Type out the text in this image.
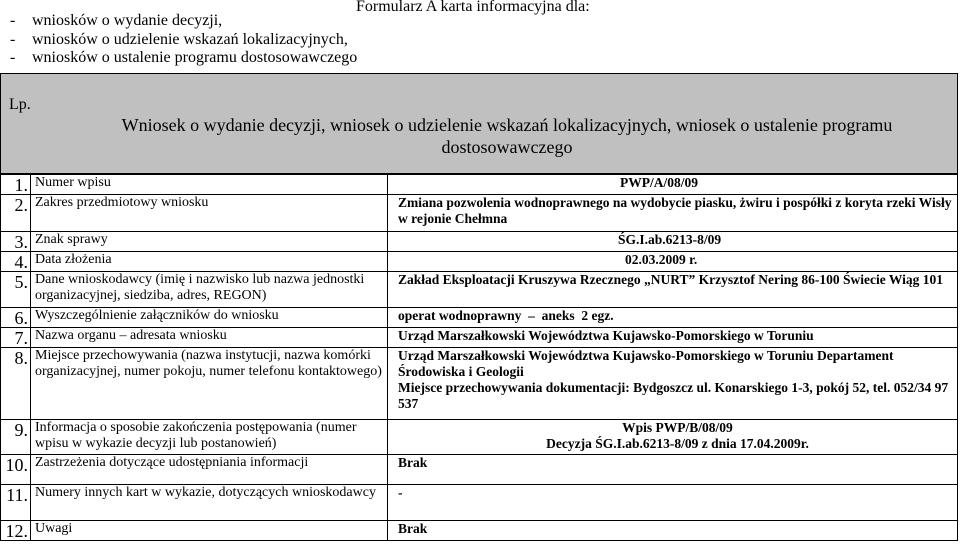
- wniosków o wydanie decyzji,
- wniosków o udzielenie wskazań lokalizacyjnych,
- wniosków o ustalenie programu dostosowawczego
Formularz A karta informacyjna dla:
Lp.
Wniosek o wydanie decyzji, wniosek o udzielenie wskazań lokalizacyjnych, wniosek o ustalenie programu dostosowawczego
1.	Numer wpisu	PWP/A/08/09

2.	Zakres przedmiotowy wniosku	Zmiana pozwolenia wodnoprawnego na wydobycie piasku, żwiru i pospółki z koryta rzeki Wisły w rejonie Chełmna
3.	Znak sprawy	ŚG.I.ab.6213-8/09

4.	Data złożenia	02.03.2009 r.

5.	Dane wnioskodawcy (imię i nazwisko lub nazwa jednostki organizacyjnej, siedziba, adres, REGON)	Zakład Eksploatacji Kruszywa Rzecznego „NURT” Krzysztof Nering 86-100 Świecie Wiąg 101
6.	Wyszczególnienie załączników do wniosku	operat wodnoprawny  –  aneks  2 egz.
7.	Nazwa organu – adresata wniosku	Urząd Marszałkowski Województwa Kujawsko-Pomorskiego w Toruniu
8.	Miejsce przechowywania (nazwa instytucji, nazwa komórki organizacyjnej, numer pokoju, numer telefonu kontaktowego)	Urząd Marszałkowski Województwa Kujawsko-Pomorskiego w Toruniu Departament Środowiska i Geologii
Miejsce przechowywania dokumentacji: Bydgoszcz ul. Konarskiego 1-3, pokój 52, tel. 052/34 97 537

9.	Informacja o sposobie zakończenia postępowania (numer wpisu w wykazie decyzji lub postanowień)	Wpis PWP/B/08/09
Decyzja ŚG.I.ab.6213-8/09 z dnia 17.04.2009r.

10.	Zastrzeżenia dotyczące udostępniania informacji	Brak
11.	Numery innych kart w wykazie, dotyczących wnioskodawcy	-
12.	Uwagi	Brak
